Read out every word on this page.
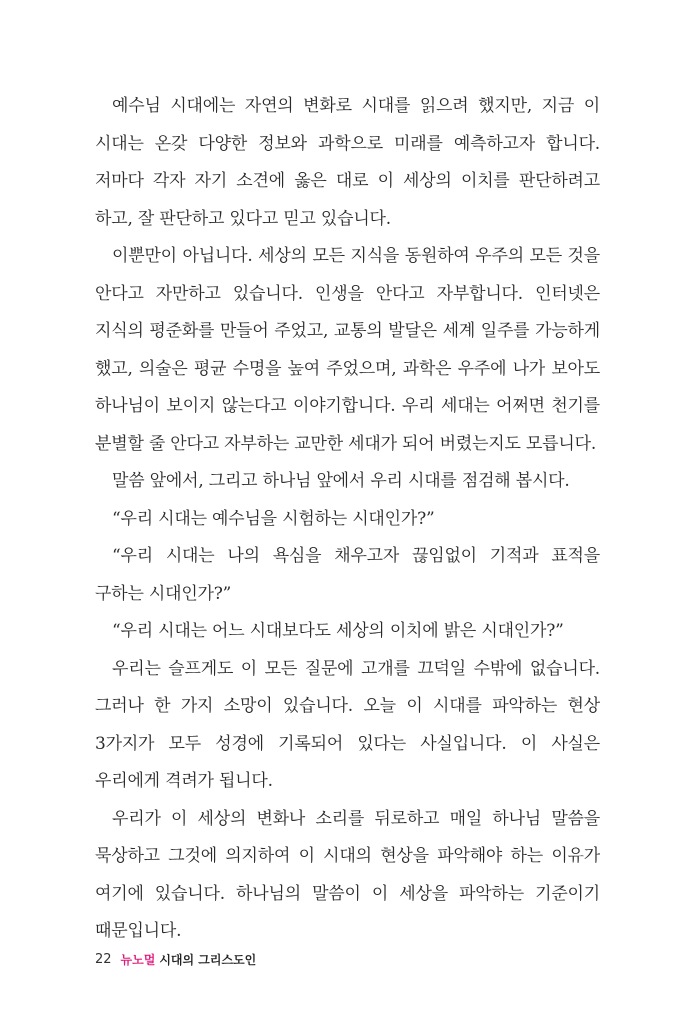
예수님 시대에는 자연의 변화로 시대를 읽으려 했지만, 지금 이 시대는 온갖 다양한 정보와 과학으로 미래를 예측하고자 합니다. 저마다 각자 자기 소견에 옳은 대로 이 세상의 이치를 판단하려고 하고, 잘 판단하고 있다고 믿고 있습니다.

이뿐만이 아닙니다. 세상의 모든 지식을 동원하여 우주의 모든 것을 안다고 자만하고 있습니다. 인생을 안다고 자부합니다. 인터넷은 지식의 평준화를 만들어 주었고, 교통의 발달은 세계 일주를 가능하게 했고, 의술은 평균 수명을 높여 주었으며, 과학은 우주에 나가 보아도 하나님이 보이지 않는다고 이야기합니다. 우리 세대는 어쩌면 천기를 분별할 줄 안다고 자부하는 교만한 세대가 되어 버렸는지도 모릅니다.

말씀 앞에서, 그리고 하나님 앞에서 우리 시대를 점검해 봅시다.

“우리 시대는 예수님을 시험하는 시대인가?”

“우리 시대는 나의 욕심을 채우고자 끊임없이 기적과 표적을 구하는 시대인가?”

“우리 시대는 어느 시대보다도 세상의 이치에 밝은 시대인가?”

우리는 슬프게도 이 모든 질문에 고개를 끄덕일 수밖에 없습니다. 그러나 한 가지 소망이 있습니다. 오늘 이 시대를 파악하는 현상 3가지가 모두 성경에 기록되어 있다는 사실입니다. 이 사실은 우리에게 격려가 됩니다.

우리가 이 세상의 변화나 소리를 뒤로하고 매일 하나님 말씀을 묵상하고 그것에 의지하여 이 시대의 현상을 파악해야 하는 이유가 여기에 있습니다. 하나님의 말씀이 이 세상을 파악하는 기준이기 때문입니다.

22 뉴노멀 시대의 그리스도인
